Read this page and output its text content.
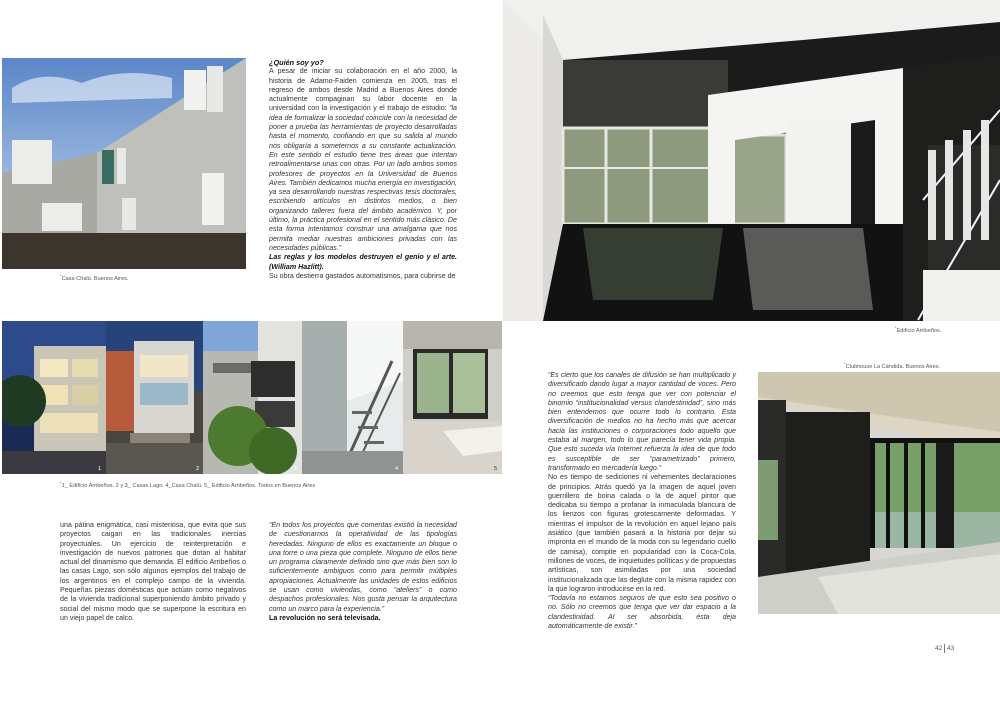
*Casa Chalú. Buenos Aires.
¿Quién soy yo?
A pesar de iniciar su colaboración en el año 2000, la historia de Adamo-Faiden comienza en 2005, tras el regreso de ambos desde Madrid a Buenos Aires donde actualmente compaginan su labor docente en la universidad con la investigación y el trabajo de estudio: “la idea de formalizar la sociedad coincide con la necesidad de poner a prueba las herramientas de proyecto desarrolladas hasta el momento, confiando en que su salida al mundo nos obligaría a someternos a su constante actualización. En este sentido el estudio tiene tres áreas que intentan retroalimentarse unas con otras. Por un lado ambos somos profesores de proyectos en la Universidad de Buenos Aires. También dedicamos mucha energía en investigación, ya sea desarrollando nuestras respectivas tesis doctorales, escribiendo artículos en distintos medios, o bien organizando talleres fuera del ámbito académico. Y, por último, la práctica profesional en el sentido más clásico. De esta forma intentamos construir una amalgama que nos permita mediar nuestras ambiciones privadas con las necesidades públicas.”
Las reglas y los modelos destruyen el genio y el arte. (William Hazlitt).
Su obra destierra gastados automatismos, para cubrirse de
1	2	3	4	5
*1_ Edificio Arribeños. 2 y 3_ Casas Lago. 4_Casa Chalú. 5_ Edificio Arribeños. Todos en Buenos Aires
una pátina enigmática, casi misteriosa, que evita que sus proyectos caigan en las tradicionales inercias proyectuales. Un ejercicio de reinterpretación e investigación de nuevos patrones que dotan al habitar actual del dinamismo que demanda. El edificio Arribeños o las casas Lago, son sólo algunos ejemplos del trabajo de los argentinos en el complejo campo de la vivienda. Pequeñas piezas domésticas que actúan como negativos de la vivienda tradicional superponiendo ámbito privado y social del mismo modo que se superpone la escritura en un viejo papel de calco.
“En todos los proyectos que comentas existió la necesidad de cuestionarnos la operatividad de las tipologías heredadas. Ninguno de ellos es exactamente un bloque o una torre o una pieza que complete. Ninguno de ellos tiene un programa claramente definido sino que más bien son lo suficientemente ambiguos como para permitir múltiples apropiaciones. Actualmente las unidades de estos edificios se usan como viviendas, como “ateliers” o como despachos profesionales. Nos gusta pensar la arquitectura como un marco para la experiencia.”
La revolución no será televisada.
*Edificio Arribeños.
“Es cierto que los canales de difusión se han multiplicado y diversificado dando lugar a mayor cantidad de voces. Pero no creemos que esto tenga que ver con potenciar el binomio “institucionalidad versus clandestinidad”, sino más bien entendemos que ocurre todo lo contrario. Esta diversificación de medios no ha hecho más que acercar hacia las instituciones o corporaciones todo aquello que estaba al margen, todo lo que parecía tener vida propia. Que esto suceda vía Internet refuerza la idea de que todo es susceptible de ser “parametrizado” primero, transformado en mercadería luego.”
No es tiempo de sediciones ni vehementes declaraciones de principios. Atrás quedó ya la imagen de aquel joven guerrillero de boina calada o la de aquel pintor que dedicaba su tiempo a profanar la inmaculada blancura de los lienzos con figuras grotescamente deformadas. Y mientras el impulsor de la revolución en aquel lejano país asiático (que también pasará a la historia por dejar su impronta en el mundo de la moda con su legendario cuello de camisa), compite en popularidad con la Coca-Cola, millones de voces, de inquietudes políticas y de propuestas artísticas, son asimiladas por una sociedad institucionalizada que las deglute con la misma rapidez con la que lograron introducirse en la red.
“Todavía no estamos seguros de que esto sea positivo o no. Sólo no creemos que tenga que ver dar espacio a la clandestinidad. Al ser absorbida, ésta deja automáticamente de existir.”
*Clubhouse La Cándida. Buenos Aires.
42 43
